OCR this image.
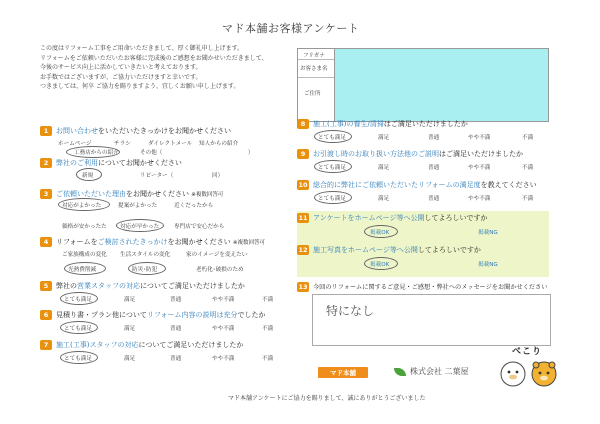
マド本舗お客様アンケート
この度はリフォーム工事をご用命いただきまして、厚く御礼申し上げます。
リフォームをご依頼いただいたお客様に完成後のご感想をお聞かせいただきまして、
今後のサービス向上に活かしていきたいと考えております。
お手数ではございますが、ご協力いただけますと幸いです。
つきましては、何卒 ご協力を賜りますよう、宜しくお願い申し上げます。
フリガナ
お客さま名
ご住所
1	お問い合わせをいただいたきっかけをお聞かせください
ホームページ	チラシ	ダイレクトメール 知人からの紹介
工務店からの紹介	その他（	）
2	弊社のご利用についてお聞かせください
新規	リピーター（	回）
3	ご依頼いただいた理由をお聞かせください ※複数回答可
対応がよかった	提案がよかった	近くだったから
価格が安かったた 対応が早かった	専門店で安心だから
4	リフォームをご検討されたきっかけをお聞かせください ※複数回答可
ご家族構成の変化 生活スタイルの変化	家のイメージを変えたい
光熱費削減	防災･防犯	老朽化･破損のため
5	弊社の営業スタッフの対応についてご満足いただけましたか
とても満足	満足	普通	やや不満	不満
6	見積り書・プラン他についてリフォーム内容の説明は充分でしたか
とても満足	満足	普通	やや不満	不満
7	施工(工事)スタッフの対応についてご満足いただけましたか
とても満足	満足	普通	やや不満	不満
8	施工(工事)の養生/清掃はご満足いただけましたか
とても満足	満足	普通	やや不満	不満
9	お引渡し時のお取り扱い方法他のご説明はご満足いただけましたか
とても満足	満足	普通	やや不満	不満
10 総合的に弊社にご依頼いただいたリフォームの満足度を教えてください
とても満足	満足	普通	やや不満	不満
11 アンケートをホームページ等へ公開してよろしいですか
掲載OK	掲載NG
12 施工写真をホームページ等へ公開してよろしいですか
掲載OK	掲載NG
13 今回のリフォームに関するご意見・ご感想・弊社へのメッセージをお聞かせください
特になし
マド本舗	株式会社 二葉屋
べこり
マド本舗アンケートにご協力を賜りまして、誠にありがとうございました
